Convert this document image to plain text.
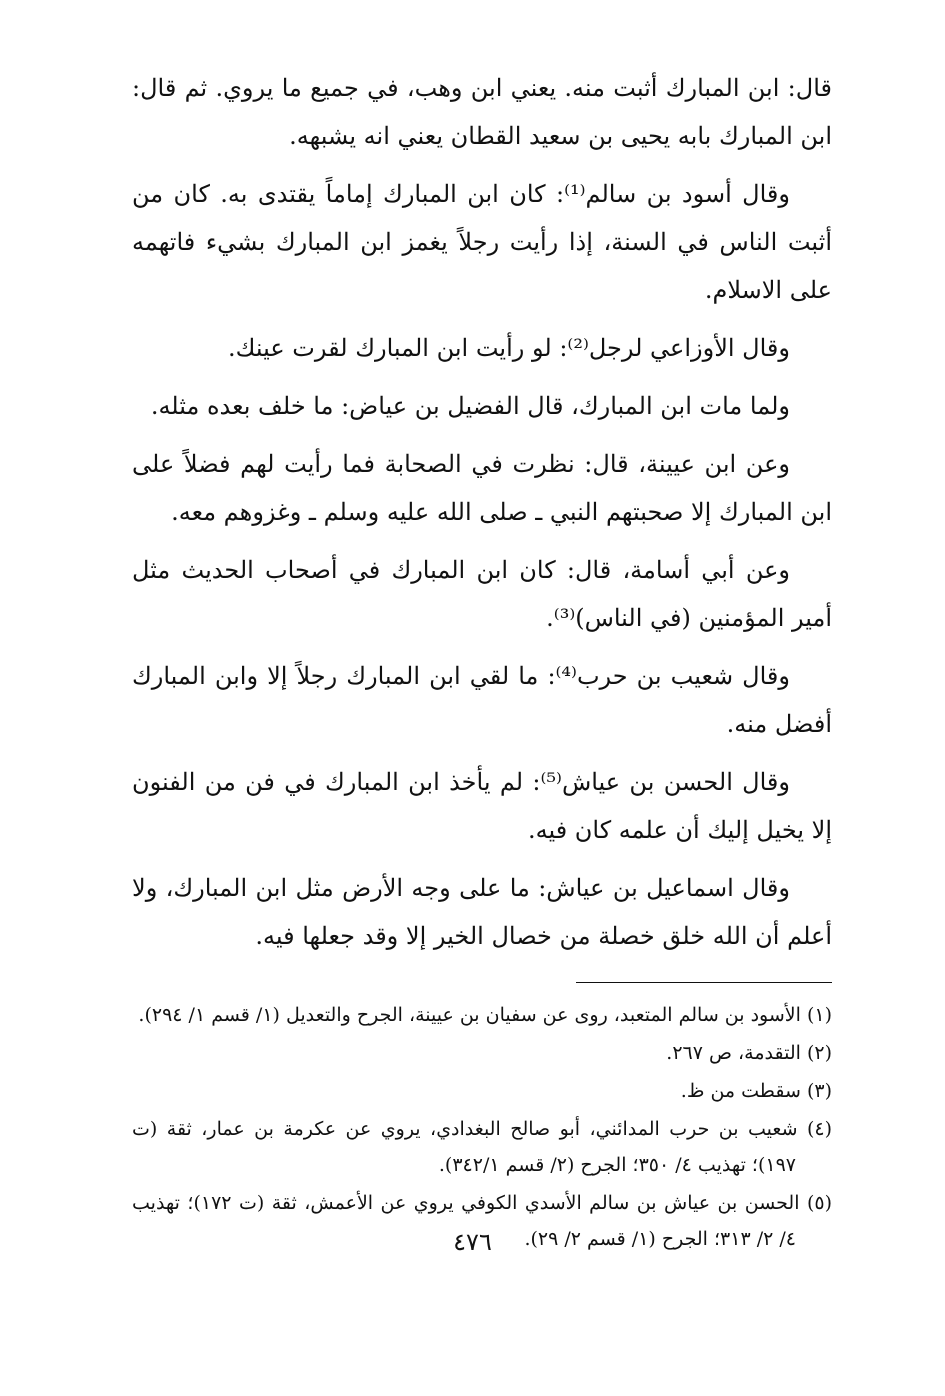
قال: ابن المبارك أثبت منه. يعني ابن وهب، في جميع ما يروي. ثم قال: ابن المبارك بابه يحيى بن سعيد القطان يعني انه يشبهه.

وقال أسود بن سالم⁽¹⁾: كان ابن المبارك إماماً يقتدى به. كان من أثبت الناس في السنة، إذا رأيت رجلاً يغمز ابن المبارك بشيء فاتهمه على الاسلام.

وقال الأوزاعي لرجل⁽²⁾: لو رأيت ابن المبارك لقرت عينك.

ولما مات ابن المبارك، قال الفضيل بن عياض: ما خلف بعده مثله.

وعن ابن عيينة، قال: نظرت في الصحابة فما رأيت لهم فضلاً على ابن المبارك إلا صحبتهم النبي ـ صلى الله عليه وسلم ـ وغزوهم معه.

وعن أبي أسامة، قال: كان ابن المبارك في أصحاب الحديث مثل أمير المؤمنين (في الناس)⁽³⁾.

وقال شعيب بن حرب⁽⁴⁾: ما لقي ابن المبارك رجلاً إلا وابن المبارك أفضل منه.

وقال الحسن بن عياش⁽⁵⁾: لم يأخذ ابن المبارك في فن من الفنون إلا يخيل إليك أن علمه كان فيه.

وقال اسماعيل بن عياش: ما على وجه الأرض مثل ابن المبارك، ولا أعلم أن الله خلق خصلة من خصال الخير إلا وقد جعلها فيه.

(١) الأسود بن سالم المتعبد، روى عن سفيان بن عيينة، الجرح والتعديل (١/ قسم ١/ ٢٩٤).

(٢) التقدمة، ص ٢٦٧.

(٣) سقطت من ظ.

(٤) شعيب بن حرب المدائني، أبو صالح البغدادي، يروي عن عكرمة بن عمار، ثقة (ت ١٩٧)؛ تهذيب ٤/ ٣٥٠؛ الجرح (٢/ قسم ٣٤٢/١).

(٥) الحسن بن عياش بن سالم الأسدي الكوفي يروي عن الأعمش، ثقة (ت ١٧٢)؛ تهذيب ٤/ ٢/ ٣١٣؛ الجرح (١/ قسم ٢/ ٢٩).

٤٧٦
